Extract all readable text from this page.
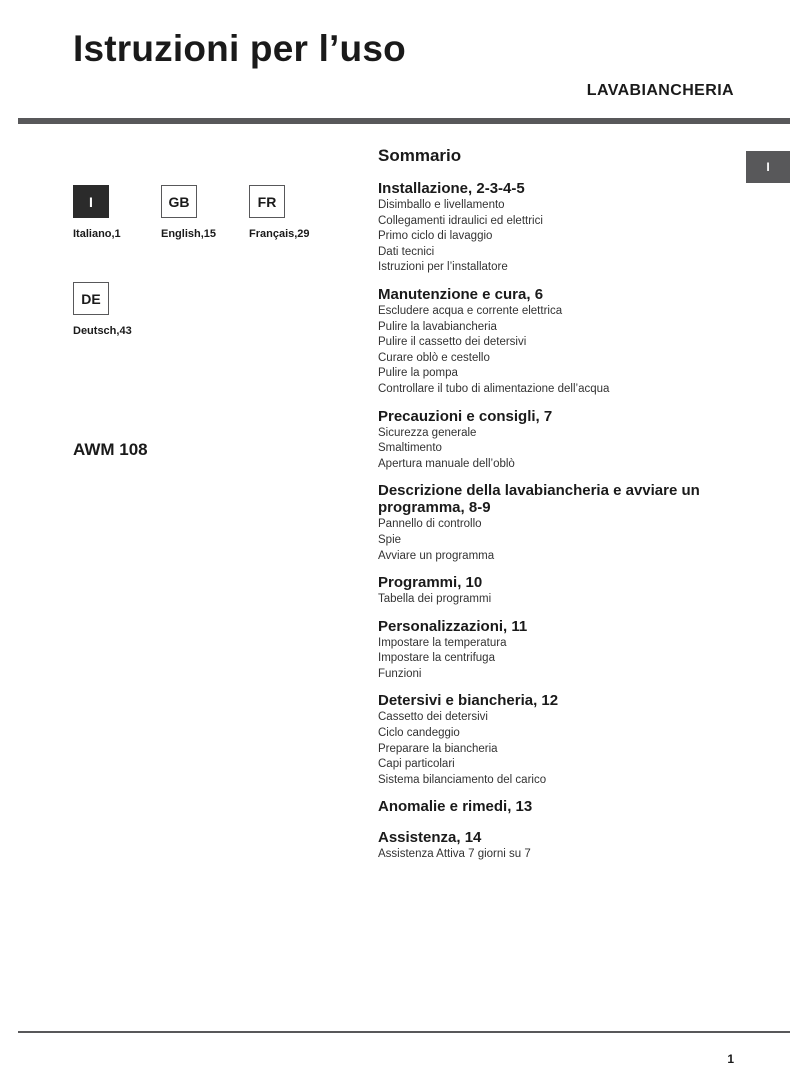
Istruzioni per l’uso
LAVABIANCHERIA
I
I
Italiano,1
GB
English,15
FR
Français,29
DE
Deutsch,43
AWM 108
Sommario
Installazione, 2-3-4-5
Disimballo e livellamento
Collegamenti idraulici ed elettrici
Primo ciclo di lavaggio
Dati tecnici
Istruzioni per l’installatore
Manutenzione e cura, 6
Escludere acqua e corrente elettrica
Pulire la lavabiancheria
Pulire il cassetto dei detersivi
Curare oblò e cestello
Pulire la pompa
Controllare il tubo di alimentazione dell’acqua
Precauzioni e consigli, 7
Sicurezza generale
Smaltimento
Apertura manuale dell’oblò
Descrizione della lavabiancheria e avviare un programma, 8-9
Pannello di controllo
Spie
Avviare un programma
Programmi, 10
Tabella dei programmi
Personalizzazioni, 11
Impostare la temperatura
Impostare la centrifuga
Funzioni
Detersivi e biancheria, 12
Cassetto dei detersivi
Ciclo candeggio
Preparare la biancheria
Capi particolari
Sistema bilanciamento del carico
Anomalie e rimedi, 13
Assistenza, 14
Assistenza Attiva 7 giorni su 7
1
